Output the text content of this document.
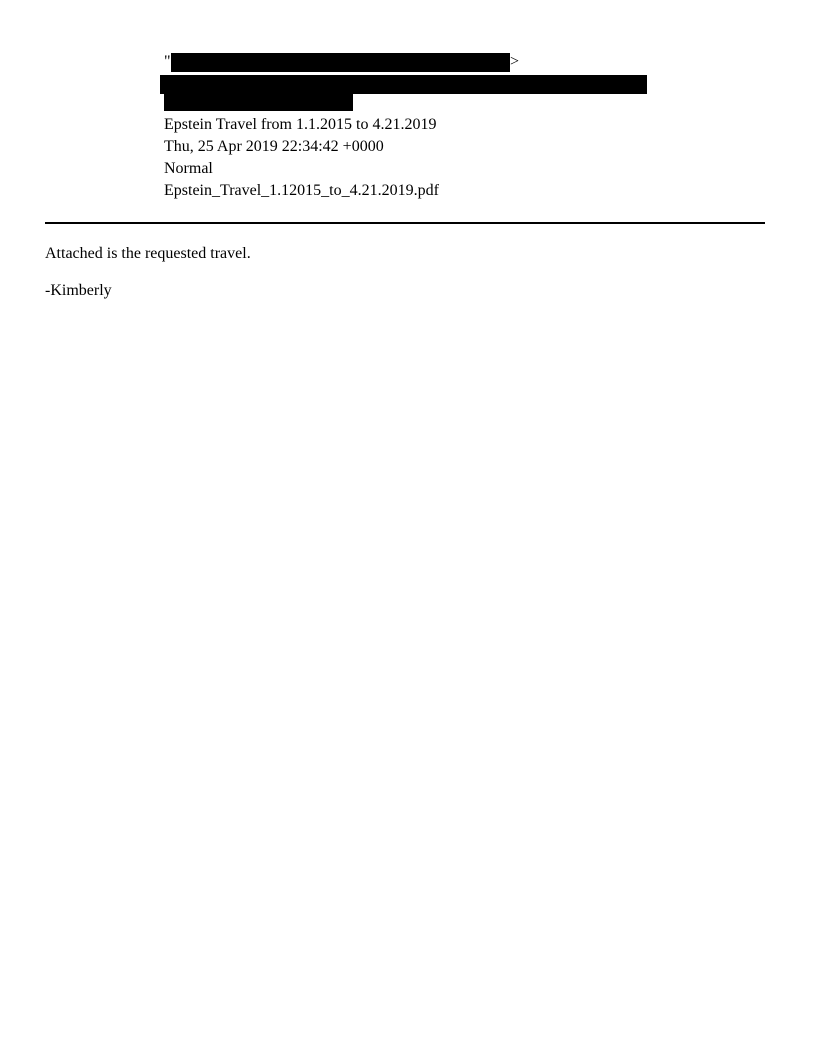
"	>
Epstein Travel from 1.1.2015 to 4.21.2019
Thu, 25 Apr 2019 22:34:42 +0000
Normal
Epstein_Travel_1.12015_to_4.21.2019.pdf
Attached is the requested travel.
-Kimberly
